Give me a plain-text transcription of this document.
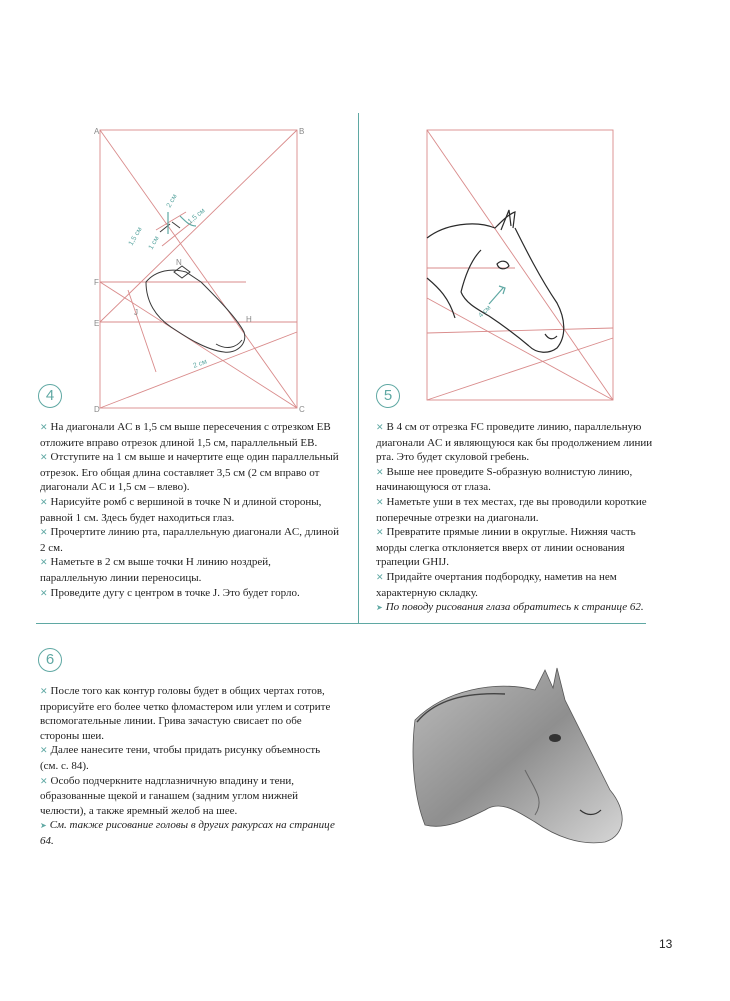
A	B
C
D
E
F
H
J
N
1,5 см 1 см
2 см
1,5 см
2 см
4 см
4

✕ На диагонали AC в 1,5 см выше пересечения с отрезком EB отложите вправо отрезок длиной 1,5 см, параллельный EB.

✕ Отступите на 1 см выше и начертите еще один параллельный отрезок. Его общая длина составляет 3,5 см (2 см вправо от диагонали AC и 1,5 см – влево).

✕ Нарисуйте ромб с вершиной в точке N и длиной стороны, равной 1 см. Здесь будет находиться глаз.

✕ Прочертите линию рта, параллельную диагонали AC, длиной 2 см.

✕ Наметьте в 2 см выше точки H линию ноздрей, параллельную линии переносицы.

✕ Проведите дугу с центром в точке J. Это будет горло.

5

✕ В 4 см от отрезка FC проведите линию, параллельную диагонали AC и являющуюся как бы продолжением линии рта. Это будет скуловой гребень.

✕ Выше нее проведите S-образную волнистую линию, начинающуюся от глаза.

✕ Наметьте уши в тех местах, где вы проводили короткие поперечные отрезки на диагонали.

✕ Превратите прямые линии в округлые. Нижняя часть морды слегка отклоняется вверх от линии основания трапеции GHIJ.

✕ Придайте очертания подбородку, наметив на нем характерную складку.

➤ По поводу рисования глаза обратитесь к странице 62.

6

✕ После того как контур головы будет в общих чертах готов, прорисуйте его более четко фломастером или углем и сотрите вспомогательные линии. Грива зачастую свисает по обе стороны шеи.

✕ Далее нанесите тени, чтобы придать рисунку объемность (см. с. 84).

✕ Особо подчеркните надглазничную впадину и тени, образованные щекой и ганашем (задним углом нижней челюсти), а также яремный желоб на шее.

➤ См. также рисование головы в других ракурсах на странице 64.

13
